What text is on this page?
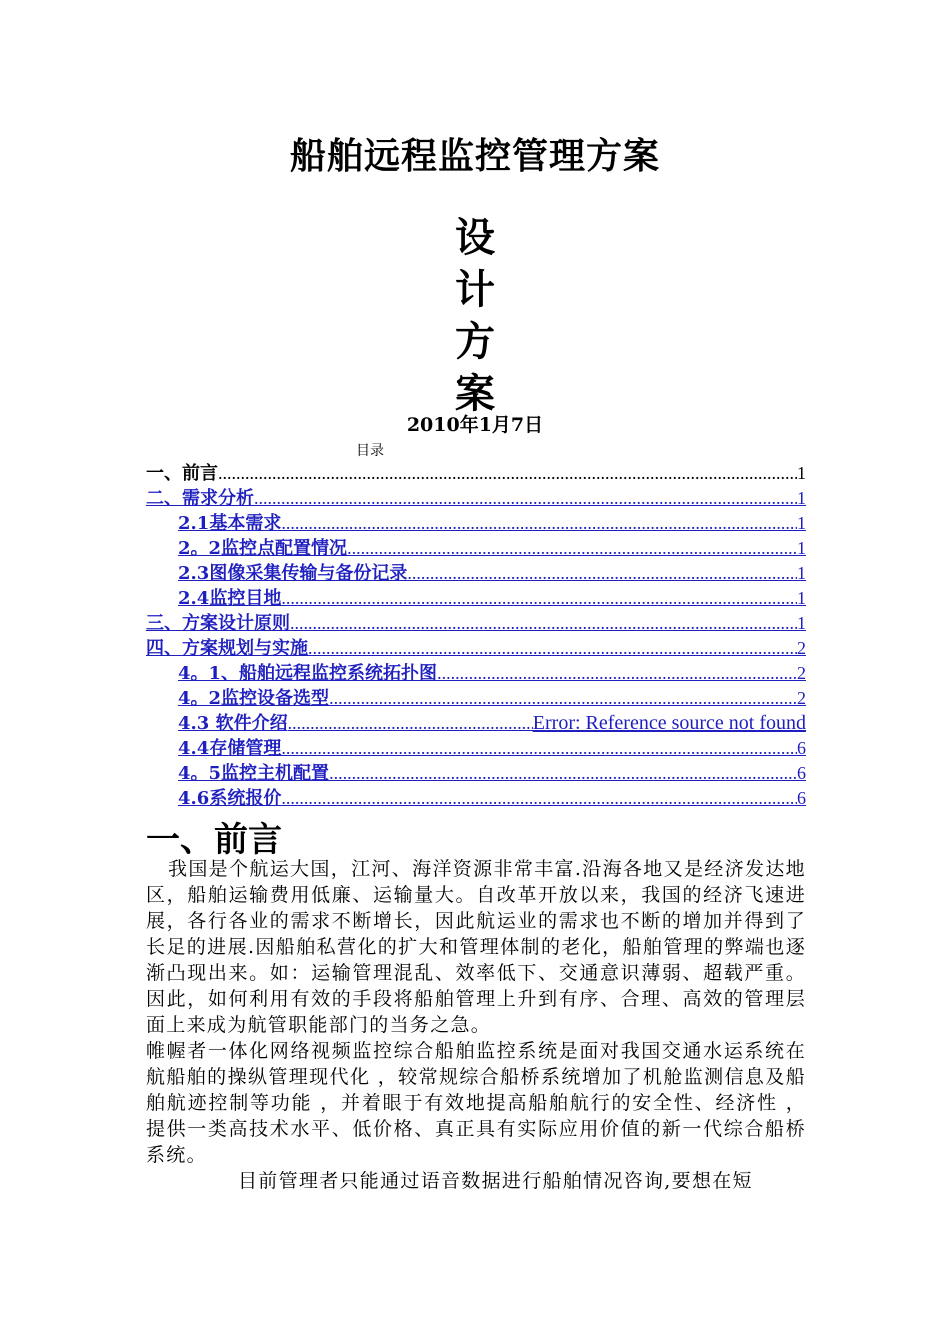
船舶远程监控管理方案
设
计
方
案
2010年1月7日
目录
一、前言 .....	1
二、需求分析 .....	1
2.1基本需求 .....	1
2。2监控点配置情况 .....	1
2.3图像采集传输与备份记录 .....	1
2.4监控目地 .....	1
三、方案设计原则 .....	1
四、方案规划与实施 .....	2
4。1、船舶远程监控系统拓扑图 .....	2
4。2监控设备选型 .....	2
4.3 软件介绍 .....	Error: Reference source not found
4.4存储管理 .....	6
4。5监控主机配置 .....	6
4.6系统报价 .....	6
一、前言

我国是个航运大国，江河、海洋资源非常丰富.沿海各地又是经济发达地区，船舶运输费用低廉、运输量大。自改革开放以来，我国的经济飞速进展，各行各业的需求不断增长，因此航运业的需求也不断的增加并得到了长足的进展.因船舶私营化的扩大和管理体制的老化，船舶管理的弊端也逐渐凸现出来。如：运输管理混乱、效率低下、交通意识薄弱、超载严重。因此，如何利用有效的手段将船舶管理上升到有序、合理、高效的管理层面上来成为航管职能部门的当务之急。

帷幄者一体化网络视频监控综合船舶监控系统是面对我国交通水运系统在航船舶的操纵管理现代化 ，较常规综合船桥系统增加了机舱监测信息及船舶航迹控制等功能 ，并着眼于有效地提高船舶航行的安全性、经济性 ，提供一类高技术水平、低价格、真正具有实际应用价值的新一代综合船桥系统。

目前管理者只能通过语音数据进行船舶情况咨询,要想在短
